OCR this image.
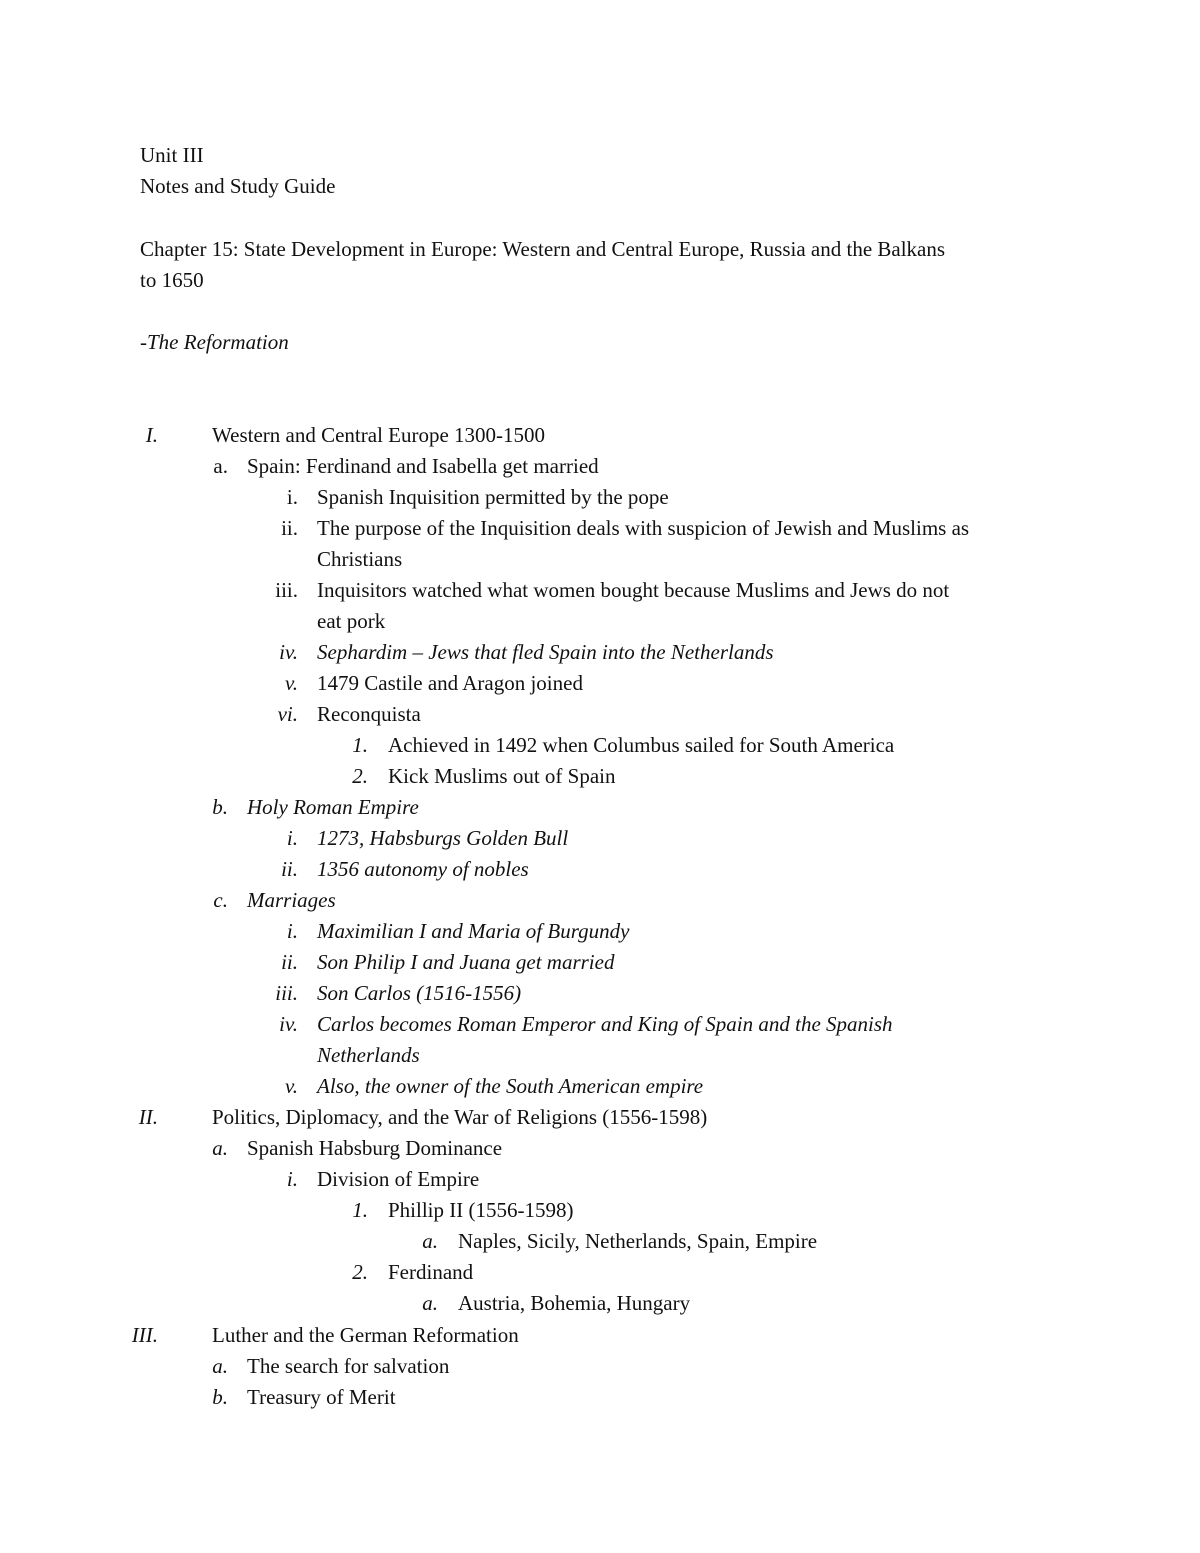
Unit III
Notes and Study Guide
Chapter 15: State Development in Europe: Western and Central Europe, Russia and the Balkans
to 1650
-The Reformation
I.	Western and Central Europe 1300-1500
a. Spain: Ferdinand and Isabella get married
i. Spanish Inquisition permitted by the pope
ii. The purpose of the Inquisition deals with suspicion of Jewish and Muslims as
Christians
iii. Inquisitors watched what women bought because Muslims and Jews do not
eat pork
iv. Sephardim – Jews that fled Spain into the Netherlands
v. 1479 Castile and Aragon joined
vi. Reconquista
1. Achieved in 1492 when Columbus sailed for South America
2. Kick Muslims out of Spain
b. Holy Roman Empire
i. 1273, Habsburgs Golden Bull
ii. 1356 autonomy of nobles
c. Marriages
i. Maximilian I and Maria of Burgundy
ii. Son Philip I and Juana get married
iii. Son Carlos (1516-1556)
iv. Carlos becomes Roman Emperor and King of Spain and the Spanish
Netherlands
v. Also, the owner of the South American empire
II.	Politics, Diplomacy, and the War of Religions (1556-1598)
a. Spanish Habsburg Dominance
i. Division of Empire
1. Phillip II (1556-1598)
a. Naples, Sicily, Netherlands, Spain, Empire
2. Ferdinand
a. Austria, Bohemia, Hungary
III.	Luther and the German Reformation
a. The search for salvation
b. Treasury of Merit
